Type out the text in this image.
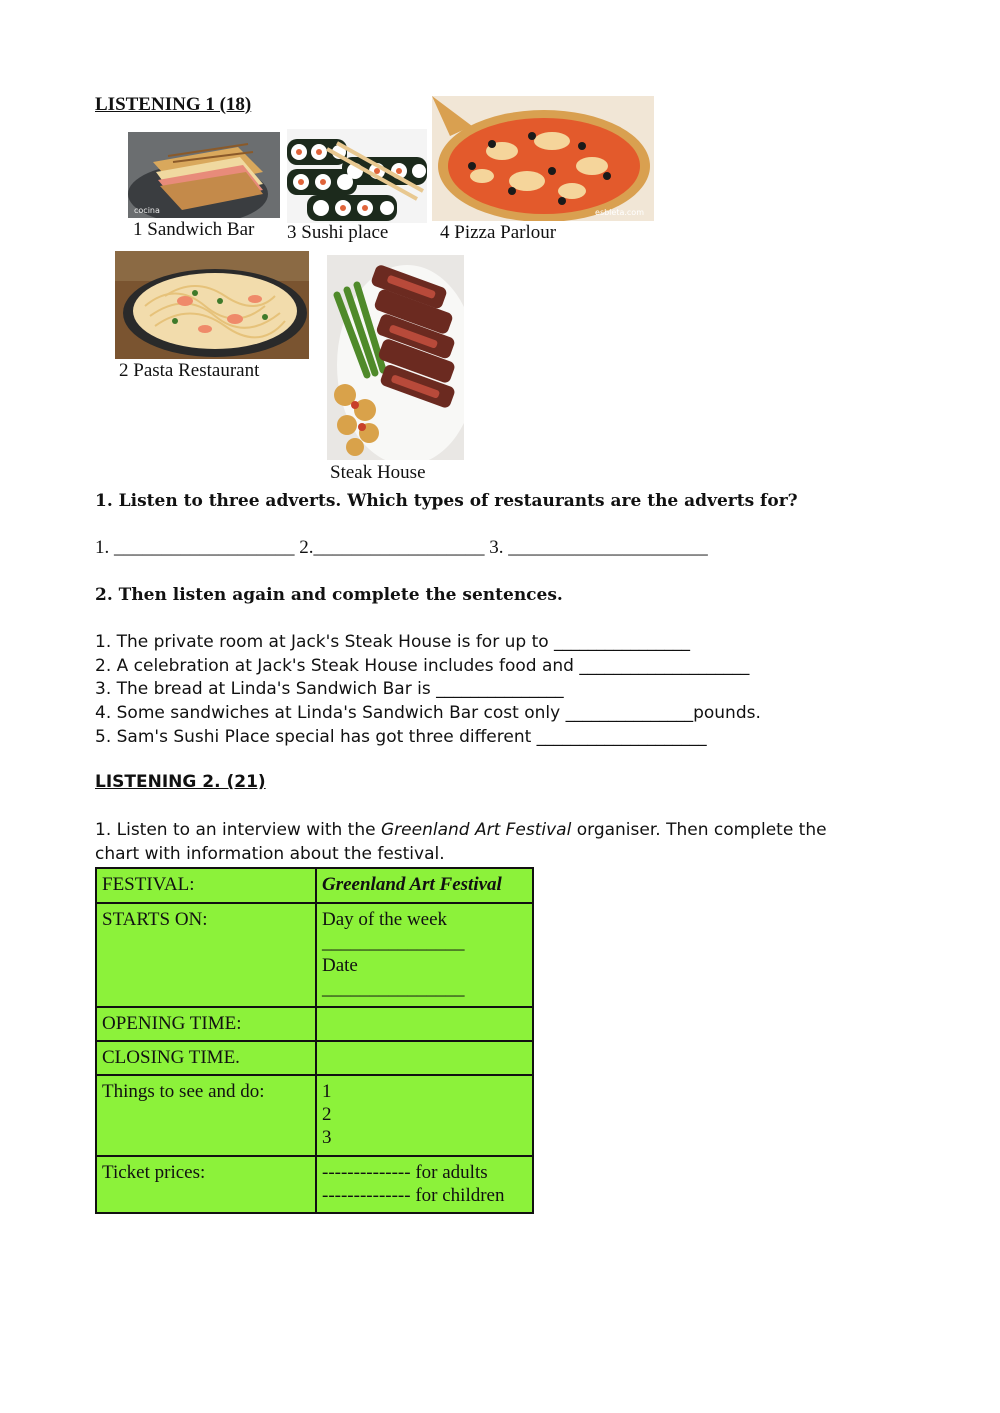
LISTENING 1 (18)
cocina
1 Sandwich Bar 3 Sushi place
esbleta.com
4 Pizza Parlour
2 Pasta Restaurant
Steak House
1. Listen to three adverts. Which types of restaurants are the adverts for?
1. ___________________ 2.__________________ 3. _____________________
2. Then listen again and complete the sentences.
1. The private room at Jack's Steak House is for up to ________________
2. A celebration at Jack's Steak House includes food and ____________________
3. The bread at Linda's Sandwich Bar is _______________
4. Some sandwiches at Linda's Sandwich Bar cost only _______________pounds.
5. Sam's Sushi Place special has got three different ____________________
LISTENING 2. (21)
1. Listen to an interview with the Greenland Art Festival organiser. Then complete the
chart with information about the festival.
FESTIVAL:	Greenland Art Festival
STARTS ON:	Day of the week
_______________
Date
_______________

OPENING TIME:	
CLOSING TIME.	
Things to see and do:	1
2
3

Ticket prices:	-------------- for adults
-------------- for children
